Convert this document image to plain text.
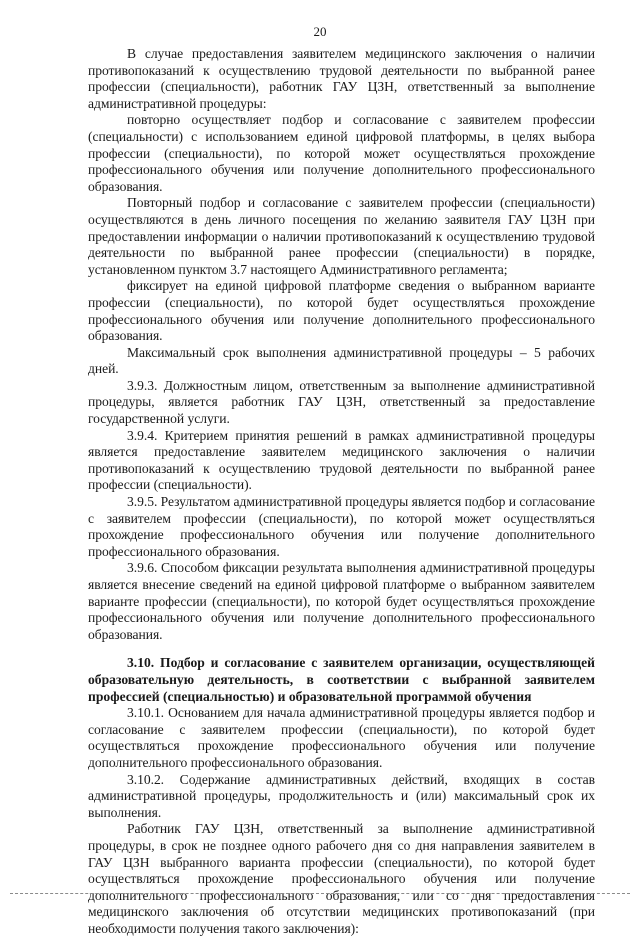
20

В случае предоставления заявителем медицинского заключения о наличии противопоказаний к осуществлению трудовой деятельности по выбранной ранее профессии (специальности), работник ГАУ ЦЗН, ответственный за выполнение административной процедуры:

повторно осуществляет подбор и согласование с заявителем профессии (специальности) с использованием единой цифровой платформы, в целях выбора профессии (специальности), по которой может осуществляться прохождение профессионального обучения или получение дополнительного профессионального образования.

Повторный подбор и согласование с заявителем профессии (специальности) осуществляются в день личного посещения по желанию заявителя ГАУ ЦЗН при предоставлении информации о наличии противопоказаний к осуществлению трудовой деятельности по выбранной ранее профессии (специальности) в порядке, установленном пунктом 3.7 настоящего Административного регламента;

фиксирует на единой цифровой платформе сведения о выбранном варианте профессии (специальности), по которой будет осуществляться прохождение профессионального обучения или получение дополнительного профессионального образования.

Максимальный срок выполнения административной процедуры – 5 рабочих дней.

3.9.3. Должностным лицом, ответственным за выполнение административной процедуры, является работник ГАУ ЦЗН, ответственный за предоставление государственной услуги.

3.9.4. Критерием принятия решений в рамках административной процедуры является предоставление заявителем медицинского заключения о наличии противопоказаний к осуществлению трудовой деятельности по выбранной ранее профессии (специальности).

3.9.5. Результатом административной процедуры является подбор и согласование с заявителем профессии (специальности), по которой может осуществляться прохождение профессионального обучения или получение дополнительного профессионального образования.

3.9.6. Способом фиксации результата выполнения административной процедуры является внесение сведений на единой цифровой платформе о выбранном заявителем варианте профессии (специальности), по которой будет осуществляться прохождение профессионального обучения или получение дополнительного профессионального образования.

3.10. Подбор и согласование с заявителем организации, осуществляющей образовательную деятельность, в соответствии с выбранной заявителем профессией (специальностью) и образовательной программой обучения

3.10.1. Основанием для начала административной процедуры является подбор и согласование с заявителем профессии (специальности), по которой будет осуществляться прохождение профессионального обучения или получение дополнительного профессионального образования.

3.10.2. Содержание административных действий, входящих в состав административной процедуры, продолжительность и (или) максимальный срок их выполнения.

Работник ГАУ ЦЗН, ответственный за выполнение административной процедуры, в срок не позднее одного рабочего дня со дня направления заявителем в ГАУ ЦЗН выбранного варианта профессии (специальности), по которой будет осуществляться прохождение профессионального обучения или получение дополнительного профессионального образования, или со дня предоставления медицинского заключения об отсутствии медицинских противопоказаний (при необходимости получения такого заключения):
